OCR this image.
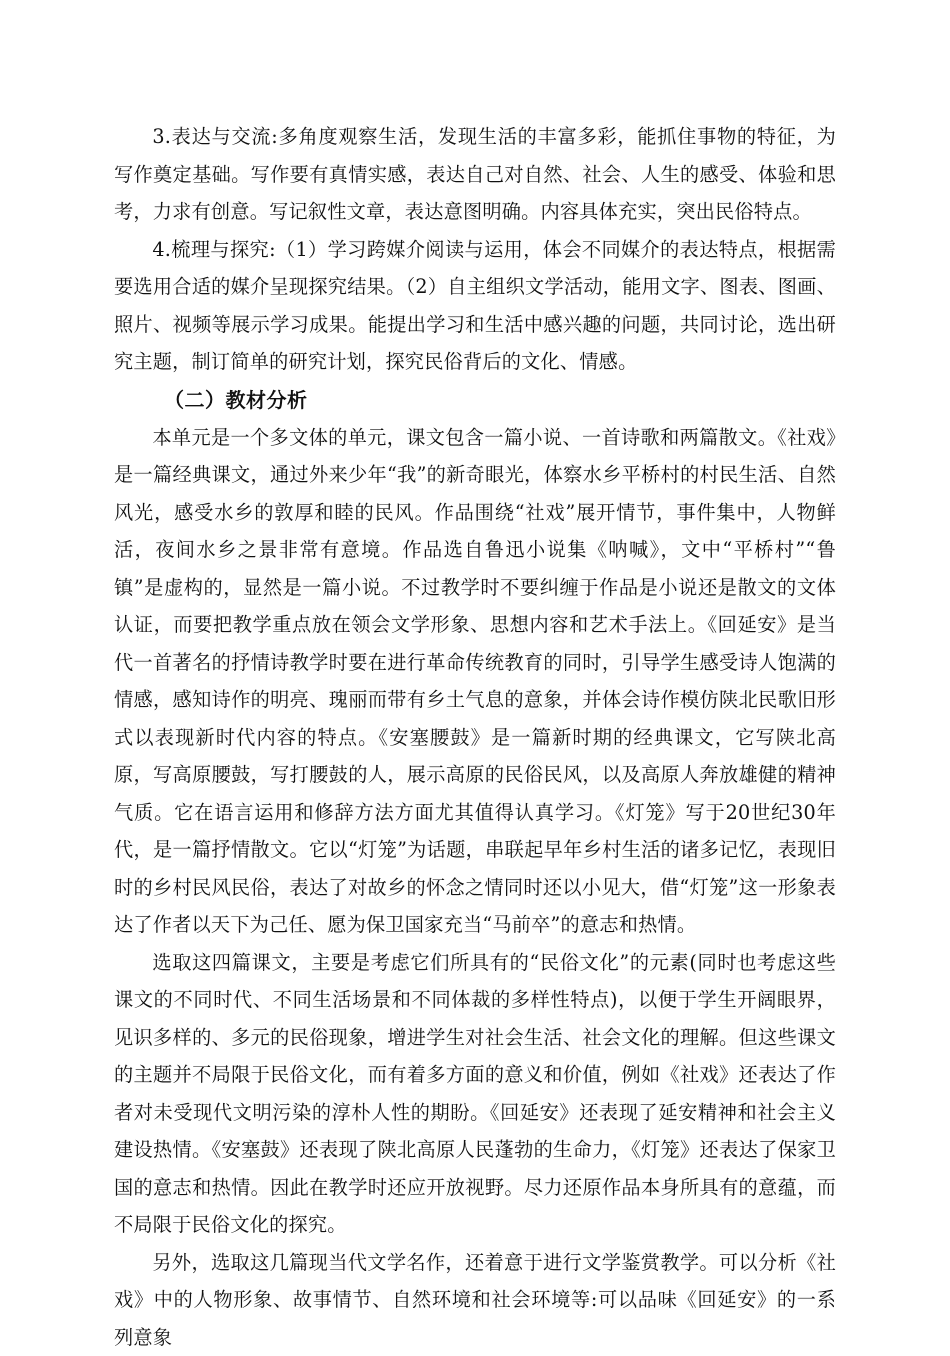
3.表达与交流:多角度观察生活，发现生活的丰富多彩，能抓住事物的特征，为写作奠定基础。写作要有真情实感，表达自己对自然、社会、人生的感受、体验和思考，力求有创意。写记叙性文章，表达意图明确。内容具体充实，突出民俗特点。

4.梳理与探究:（1）学习跨媒介阅读与运用，体会不同媒介的表达特点，根据需要选用合适的媒介呈现探究结果。（2）自主组织文学活动，能用文字、图表、图画、照片、视频等展示学习成果。能提出学习和生活中感兴趣的问题，共同讨论，选出研究主题，制订简单的研究计划，探究民俗背后的文化、情感。

（二）教材分析

本单元是一个多文体的单元，课文包含一篇小说、一首诗歌和两篇散文。《社戏》是一篇经典课文，通过外来少年“我”的新奇眼光，体察水乡平桥村的村民生活、自然风光，感受水乡的敦厚和睦的民风。作品围绕“社戏”展开情节，事件集中，人物鲜活，夜间水乡之景非常有意境。作品选自鲁迅小说集《呐喊》，文中“平桥村”“鲁镇”是虚构的，显然是一篇小说。不过教学时不要纠缠于作品是小说还是散文的文体认证，而要把教学重点放在领会文学形象、思想内容和艺术手法上。《回延安》是当代一首著名的抒情诗教学时要在进行革命传统教育的同时，引导学生感受诗人饱满的情感，感知诗作的明亮、瑰丽而带有乡土气息的意象，并体会诗作模仿陕北民歌旧形式以表现新时代内容的特点。《安塞腰鼓》是一篇新时期的经典课文，它写陕北高原，写高原腰鼓，写打腰鼓的人，展示高原的民俗民风，以及高原人奔放雄健的精神气质。它在语言运用和修辞方法方面尤其值得认真学习。《灯笼》写于20世纪30年代，是一篇抒情散文。它以“灯笼”为话题，串联起早年乡村生活的诸多记忆，表现旧时的乡村民风民俗，表达了对故乡的怀念之情同时还以小见大，借“灯笼”这一形象表达了作者以天下为己任、愿为保卫国家充当“马前卒”的意志和热情。

选取这四篇课文，主要是考虑它们所具有的“民俗文化”的元素(同时也考虑这些课文的不同时代、不同生活场景和不同体裁的多样性特点)，以便于学生开阔眼界，见识多样的、多元的民俗现象，增进学生对社会生活、社会文化的理解。但这些课文的主题并不局限于民俗文化，而有着多方面的意义和价值，例如《社戏》还表达了作者对未受现代文明污染的淳朴人性的期盼。《回延安》还表现了延安精神和社会主义建设热情。《安塞鼓》还表现了陕北高原人民蓬勃的生命力，《灯笼》还表达了保家卫国的意志和热情。因此在教学时还应开放视野。尽力还原作品本身所具有的意蕴，而不局限于民俗文化的探究。

另外，选取这几篇现当代文学名作，还着意于进行文学鉴赏教学。可以分析《社戏》中的人物形象、故事情节、自然环境和社会环境等:可以品味《回延安》的一系列意象
